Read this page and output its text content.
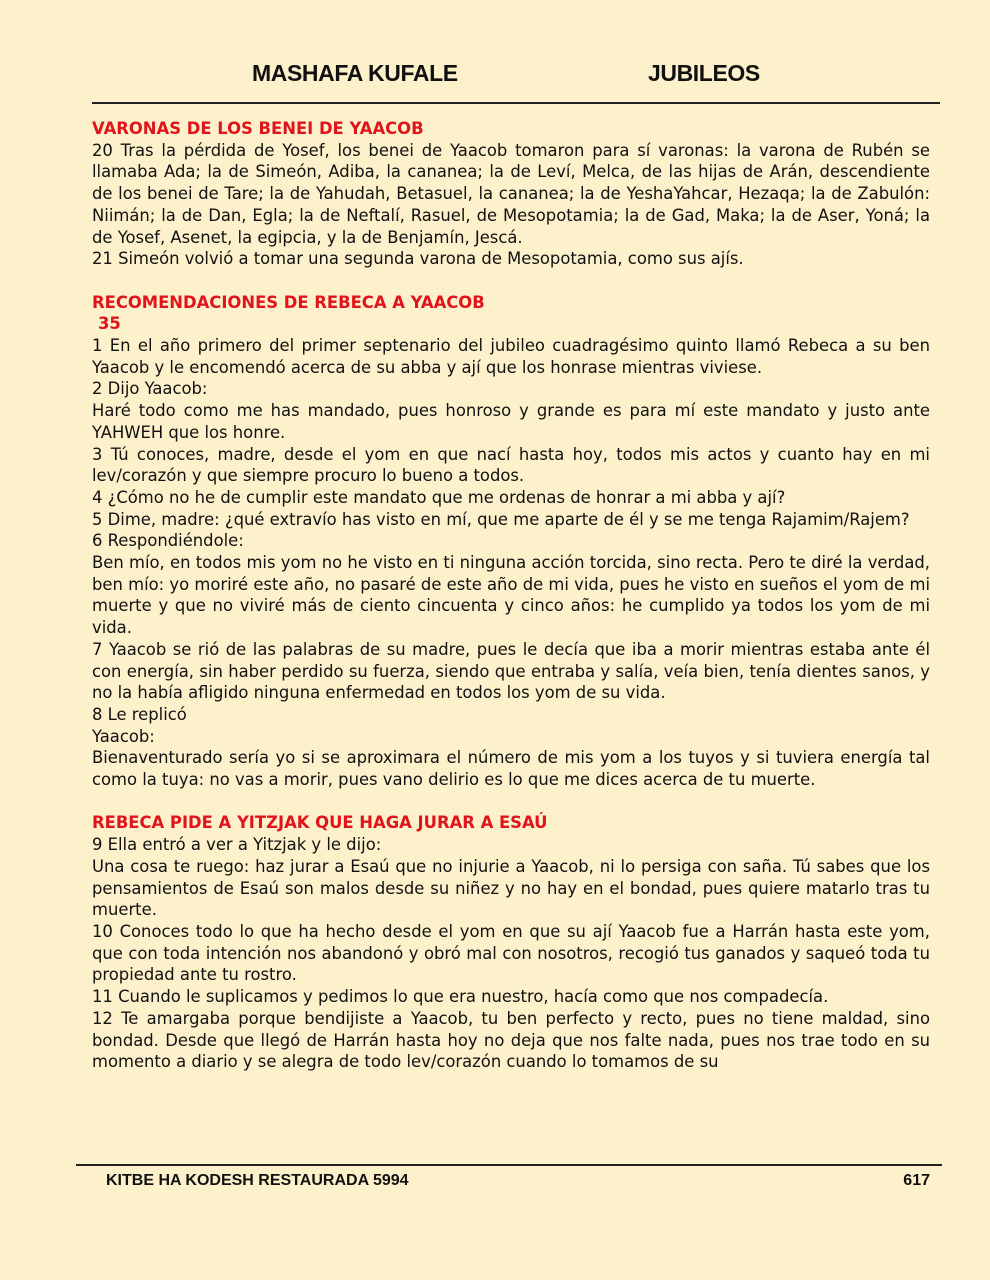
MASHAFA KUFALE	JUBILEOS

VARONAS DE LOS BENEI DE YAACOB

20 Tras la pérdida de Yosef, los benei de Yaacob tomaron para sí varonas: la varona de Rubén se llamaba Ada; la de Simeón, Adiba, la cananea; la de Leví, Melca, de las hijas de Arán, descendiente de los benei de Tare; la de Yahudah, Betasuel, la cananea; la de YeshaYahcar, Hezaqa; la de Zabulón: Niimán; la de Dan, Egla; la de Neftalí, Rasuel, de Mesopotamia; la de Gad, Maka; la de Aser, Yoná; la de Yosef, Asenet, la egipcia, y la de Benjamín, Jescá.

21 Simeón volvió a tomar una segunda varona de Mesopotamia, como sus ajís.

RECOMENDACIONES DE REBECA A YAACOB

35

1 En el año primero del primer septenario del jubileo cuadragésimo quinto llamó Rebeca a su ben Yaacob y le encomendó acerca de su abba y ají que los honrase mientras viviese.

2 Dijo Yaacob:

Haré todo como me has mandado, pues honroso y grande es para mí este mandato y justo ante YAHWEH que los honre.

3 Tú conoces, madre, desde el yom en que nací hasta hoy, todos mis actos y cuanto hay en mi lev/corazón y que siempre procuro lo bueno a todos.

4 ¿Cómo no he de cumplir este mandato que me ordenas de honrar a mi abba y ají?

5 Dime, madre: ¿qué extravío has visto en mí, que me aparte de él y se me tenga Rajamim/Rajem?

6 Respondiéndole:

Ben mío, en todos mis yom no he visto en ti ninguna acción torcida, sino recta. Pero te diré la verdad, ben mío: yo moriré este año, no pasaré de este año de mi vida, pues he visto en sueños el yom de mi muerte y que no viviré más de ciento cincuenta y cinco años: he cumplido ya todos los yom de mi vida.

7 Yaacob se rió de las palabras de su madre, pues le decía que iba a morir mientras estaba ante él con energía, sin haber perdido su fuerza, siendo que entraba y salía, veía bien, tenía dientes sanos, y no la había afligido ninguna enfermedad en todos los yom de su vida.

8 Le replicó

Yaacob:

Bienaventurado sería yo si se aproximara el número de mis yom a los tuyos y si tuviera energía tal como la tuya: no vas a morir, pues vano delirio es lo que me dices acerca de tu muerte.

REBECA PIDE A YITZJAK QUE HAGA JURAR A ESAÚ

9 Ella entró a ver a Yitzjak y le dijo:

Una cosa te ruego: haz jurar a Esaú que no injurie a Yaacob, ni lo persiga con saña. Tú sabes que los pensamientos de Esaú son malos desde su niñez y no hay en el bondad, pues quiere matarlo tras tu muerte.

10 Conoces todo lo que ha hecho desde el yom en que su ají Yaacob fue a Harrán hasta este yom, que con toda intención nos abandonó y obró mal con nosotros, recogió tus ganados y saqueó toda tu propiedad ante tu rostro.

11 Cuando le suplicamos y pedimos lo que era nuestro, hacía como que nos compadecía.

12 Te amargaba porque bendijiste a Yaacob, tu ben perfecto y recto, pues no tiene maldad, sino bondad. Desde que llegó de Harrán hasta hoy no deja que nos falte nada, pues nos trae todo en su momento a diario y se alegra de todo lev/corazón cuando lo tomamos de su

KITBE HA KODESH RESTAURADA 5994	617
